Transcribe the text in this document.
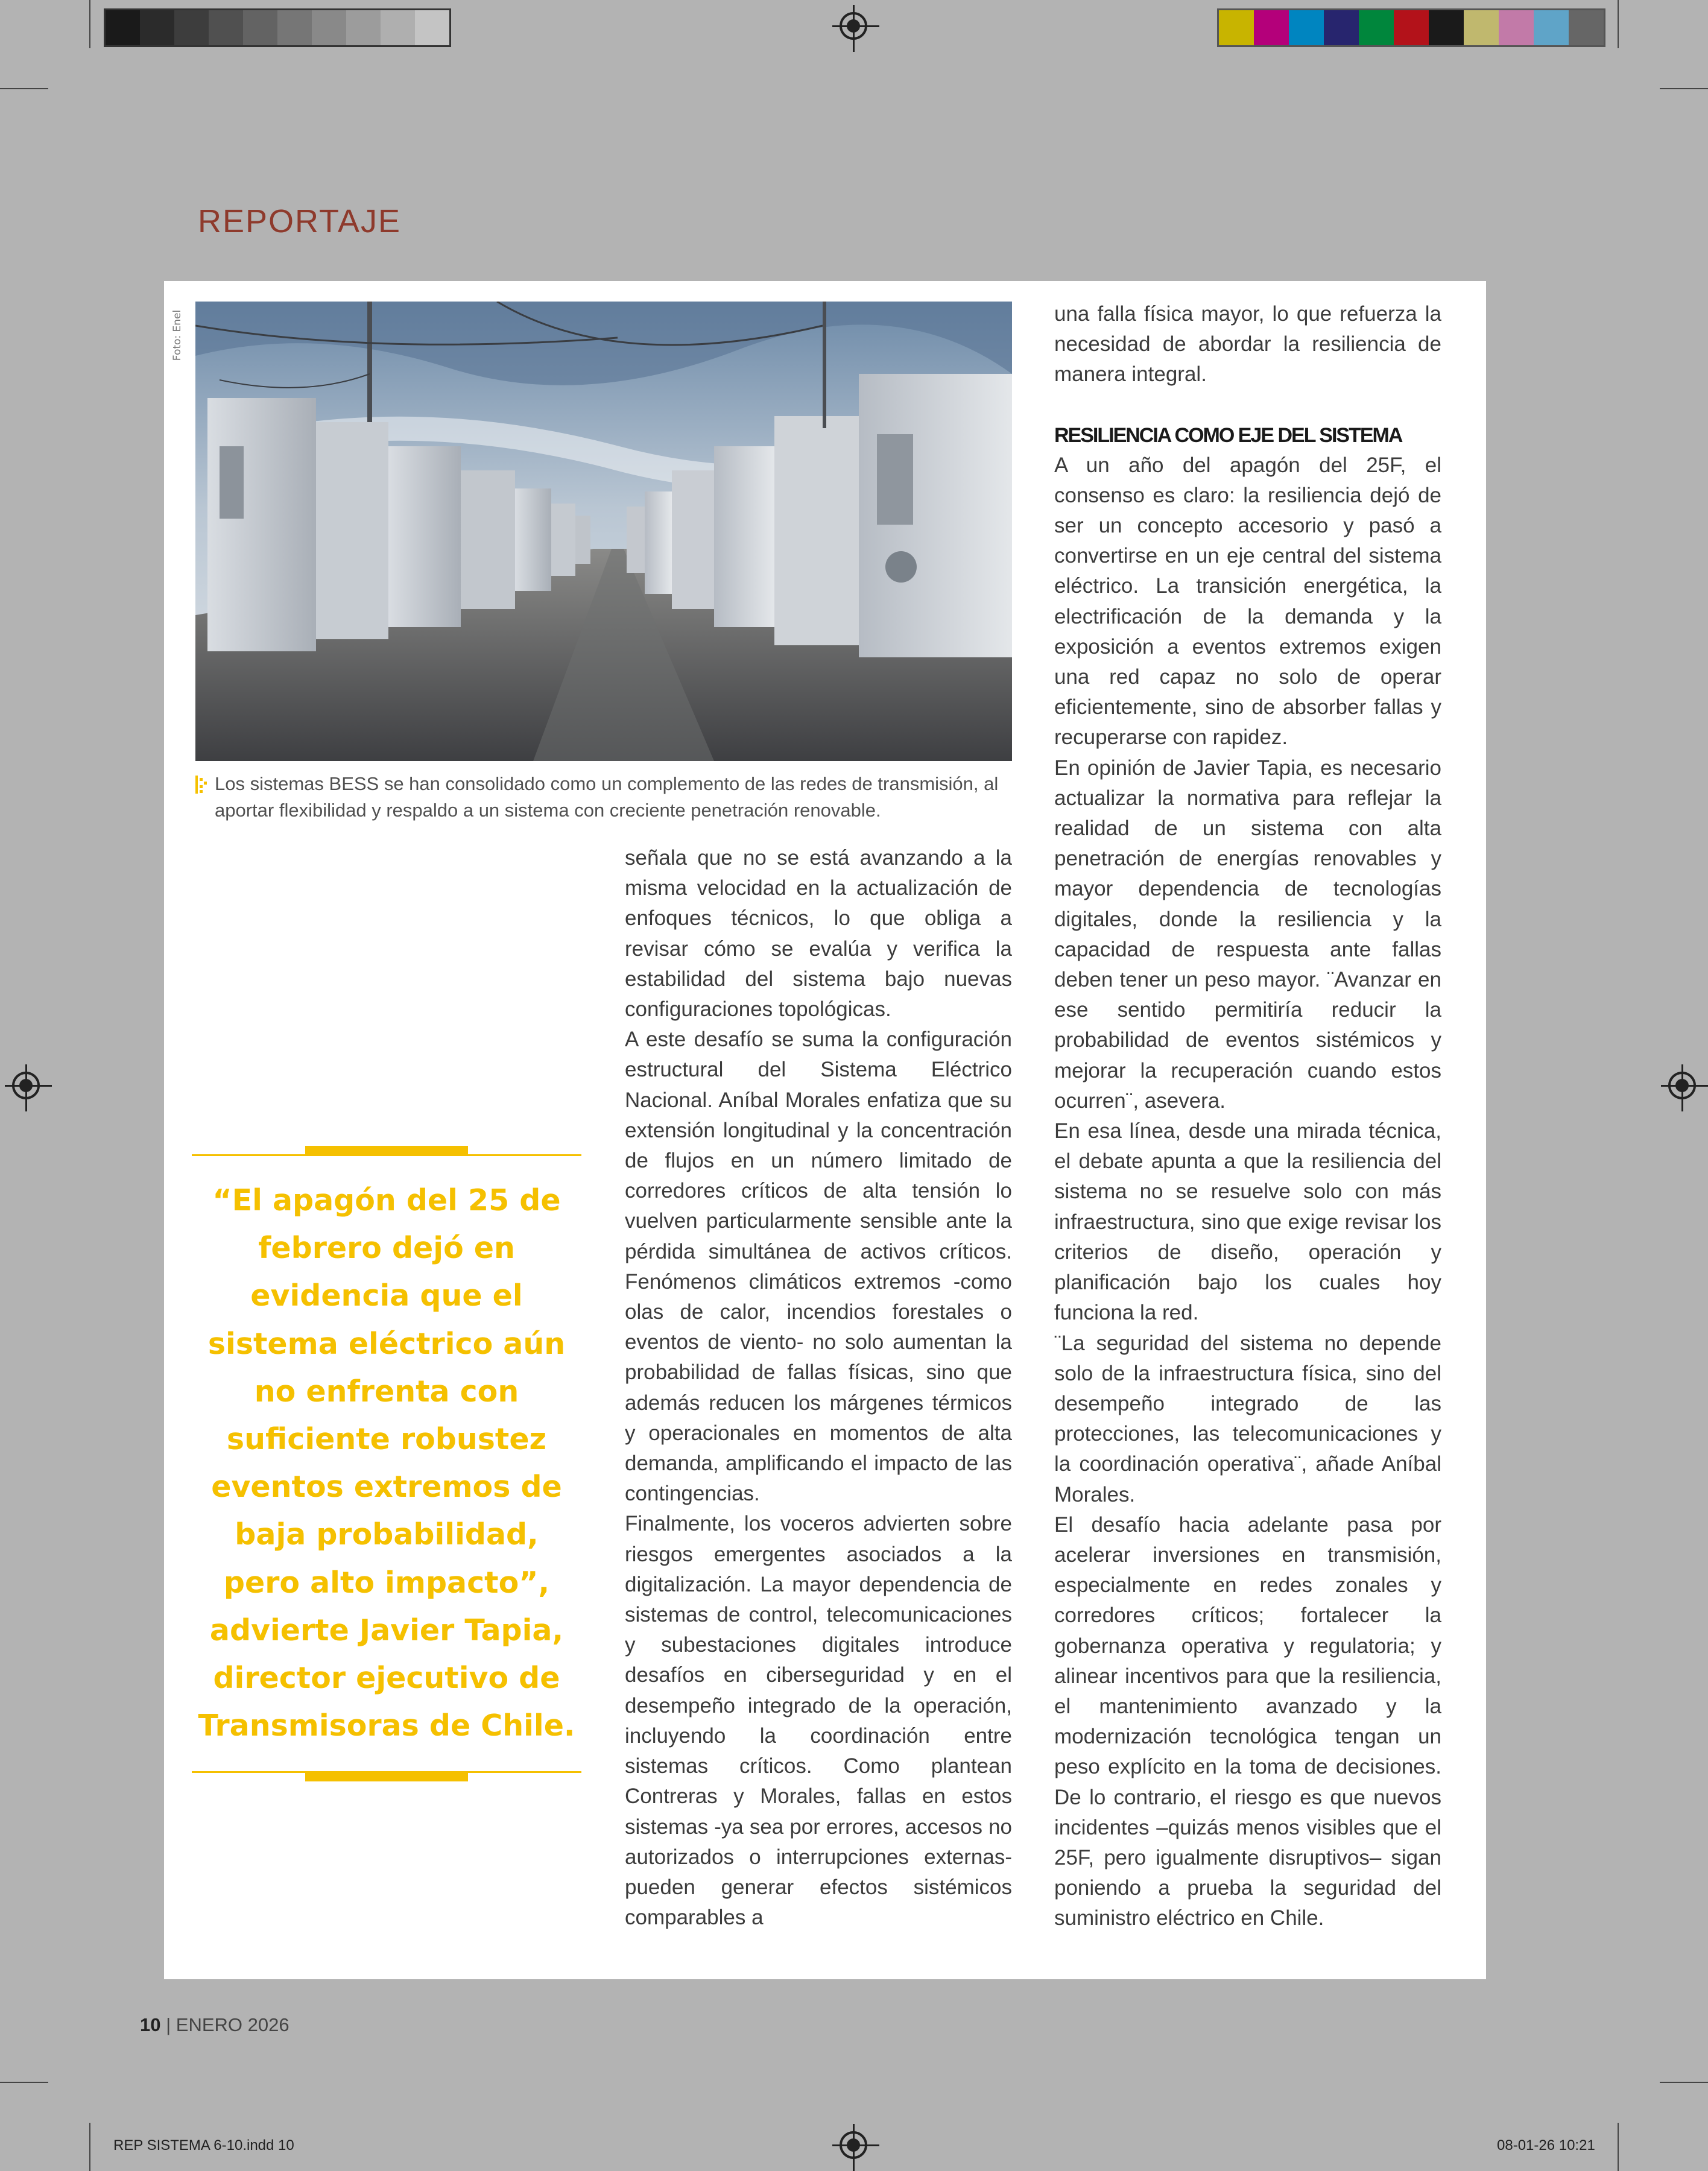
REPORTAJE
Foto: Enel
Los sistemas BESS se han consolidado como un complemento de las redes de transmisión, al aportar flexibilidad y respaldo a un sistema con creciente penetración renovable.
“El apagón del 25 de febrero dejó en evidencia que el sistema eléctrico aún no enfrenta con suficiente robustez eventos extremos de baja probabilidad, pero alto impacto”, advierte Javier Tapia, director ejecutivo de Transmisoras de Chile.

señala que no se está avanzando a la misma velocidad en la actualización de enfoques técnicos, lo que obliga a revisar cómo se evalúa y verifica la estabilidad del sistema bajo nuevas configuraciones topológicas.

A este desafío se suma la configuración estructural del Sistema Eléctrico Nacional. Aníbal Morales enfatiza que su extensión longitudinal y la concentración de flujos en un número limitado de corredores críticos de alta tensión lo vuelven particularmente sensible ante la pérdida simultánea de activos críticos. Fenómenos climáticos extremos -como olas de calor, incendios forestales o eventos de viento- no solo aumentan la probabilidad de fallas físicas, sino que además reducen los márgenes térmicos y operacionales en momentos de alta demanda, amplificando el impacto de las contingencias.

Finalmente, los voceros advierten sobre riesgos emergentes asociados a la digitalización. La mayor dependencia de sistemas de control, telecomunicaciones y subestaciones digitales introduce desafíos en ciberseguridad y en el desempeño integrado de la operación, incluyendo la coordinación entre sistemas críticos. Como plantean Contreras y Morales, fallas en estos sistemas -ya sea por errores, accesos no autorizados o interrupciones externas- pueden generar efectos sistémicos comparables a

una falla física mayor, lo que refuerza la necesidad de abordar la resiliencia de manera integral.

RESILIENCIA COMO EJE DEL SISTEMA

A un año del apagón del 25F, el consenso es claro: la resiliencia dejó de ser un concepto accesorio y pasó a convertirse en un eje central del sistema eléctrico. La transición energética, la electrificación de la demanda y la exposición a eventos extremos exigen una red capaz no solo de operar eficientemente, sino de absorber fallas y recuperarse con rapidez.

En opinión de Javier Tapia, es necesario actualizar la normativa para reflejar la realidad de un sistema con alta penetración de energías renovables y mayor dependencia de tecnologías digitales, donde la resiliencia y la capacidad de respuesta ante fallas deben tener un peso mayor. ¨Avanzar en ese sentido permitiría reducir la probabilidad de eventos sistémicos y mejorar la recuperación cuando estos ocurren¨, asevera.

En esa línea, desde una mirada técnica, el debate apunta a que la resiliencia del sistema no se resuelve solo con más infraestructura, sino que exige revisar los criterios de diseño, operación y planificación bajo los cuales hoy funciona la red.

¨La seguridad del sistema no depende solo de la infraestructura física, sino del desempeño integrado de las protecciones, las telecomunicaciones y la coordinación operativa¨, añade Aníbal Morales.

El desafío hacia adelante pasa por acelerar inversiones en transmisión, especialmente en redes zonales y corredores críticos; fortalecer la gobernanza operativa y regulatoria; y alinear incentivos para que la resiliencia, el mantenimiento avanzado y la modernización tecnológica tengan un peso explícito en la toma de decisiones. De lo contrario, el riesgo es que nuevos incidentes –quizás menos visibles que el 25F, pero igualmente disruptivos– sigan poniendo a prueba la seguridad del suministro eléctrico en Chile.

10 | ENERO 2026
REP SISTEMA 6-10.indd 10	08-01-26 10:21
